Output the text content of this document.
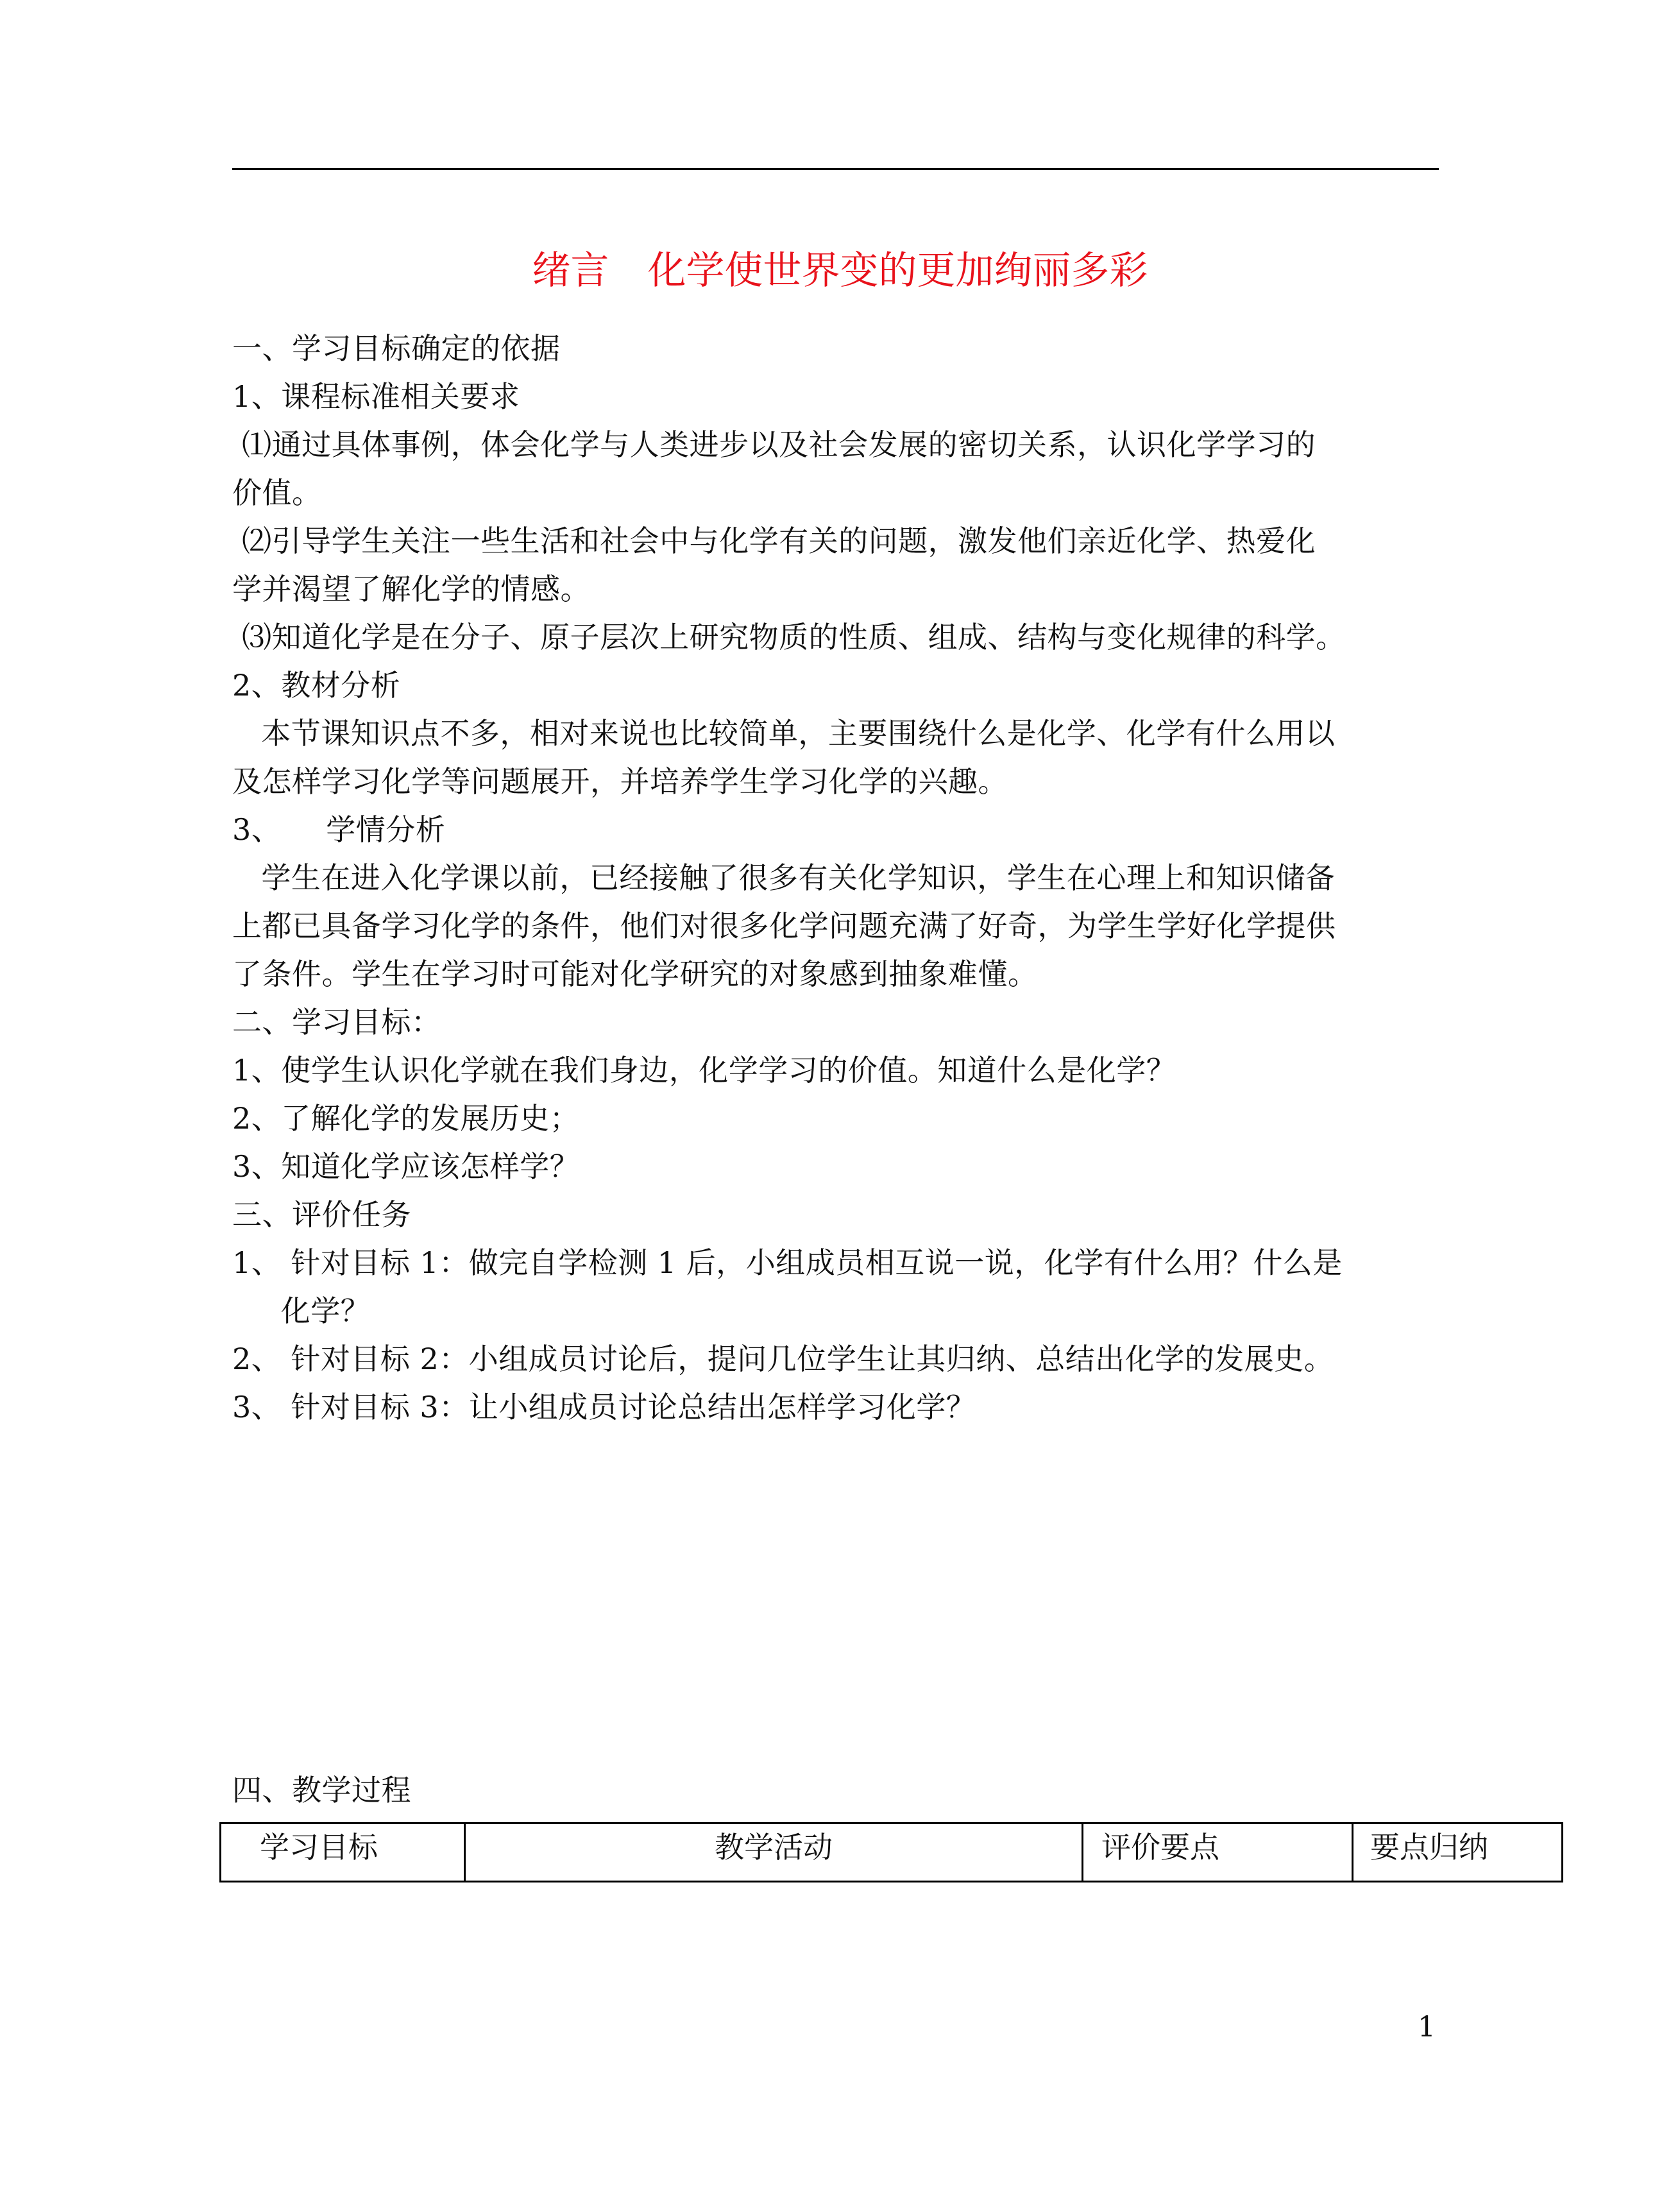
绪言　化学使世界变的更加绚丽多彩
一、学习目标确定的依据
1、课程标准相关要求
⑴通过具体事例，体会化学与人类进步以及社会发展的密切关系，认识化学学习的
价值。
⑵引导学生关注一些生活和社会中与化学有关的问题，激发他们亲近化学、热爱化
学并渴望了解化学的情感。
⑶知道化学是在分子、原子层次上研究物质的性质、组成、结构与变化规律的科学。
2、教材分析
本节课知识点不多，相对来说也比较简单，主要围绕什么是化学、化学有什么用以
及怎样学习化学等问题展开，并培养学生学习化学的兴趣。
3、　　学情分析
学生在进入化学课以前，已经接触了很多有关化学知识，学生在心理上和知识储备
上都已具备学习化学的条件，他们对很多化学问题充满了好奇，为学生学好化学提供
了条件。学生在学习时可能对化学研究的对象感到抽象难懂。
二、学习目标：
1、使学生认识化学就在我们身边，化学学习的价值。知道什么是化学？
2、了解化学的发展历史；
3、知道化学应该怎样学？
三、评价任务
1、 针对目标 1：做完自学检测 1 后，小组成员相互说一说，化学有什么用？什么是
化学？
2、 针对目标 2：小组成员讨论后，提问几位学生让其归纳、总结出化学的发展史。
3、 针对目标 3：让小组成员讨论总结出怎样学习化学？
四、教学过程
学习目标	教学活动	评价要点	要点归纳
1
